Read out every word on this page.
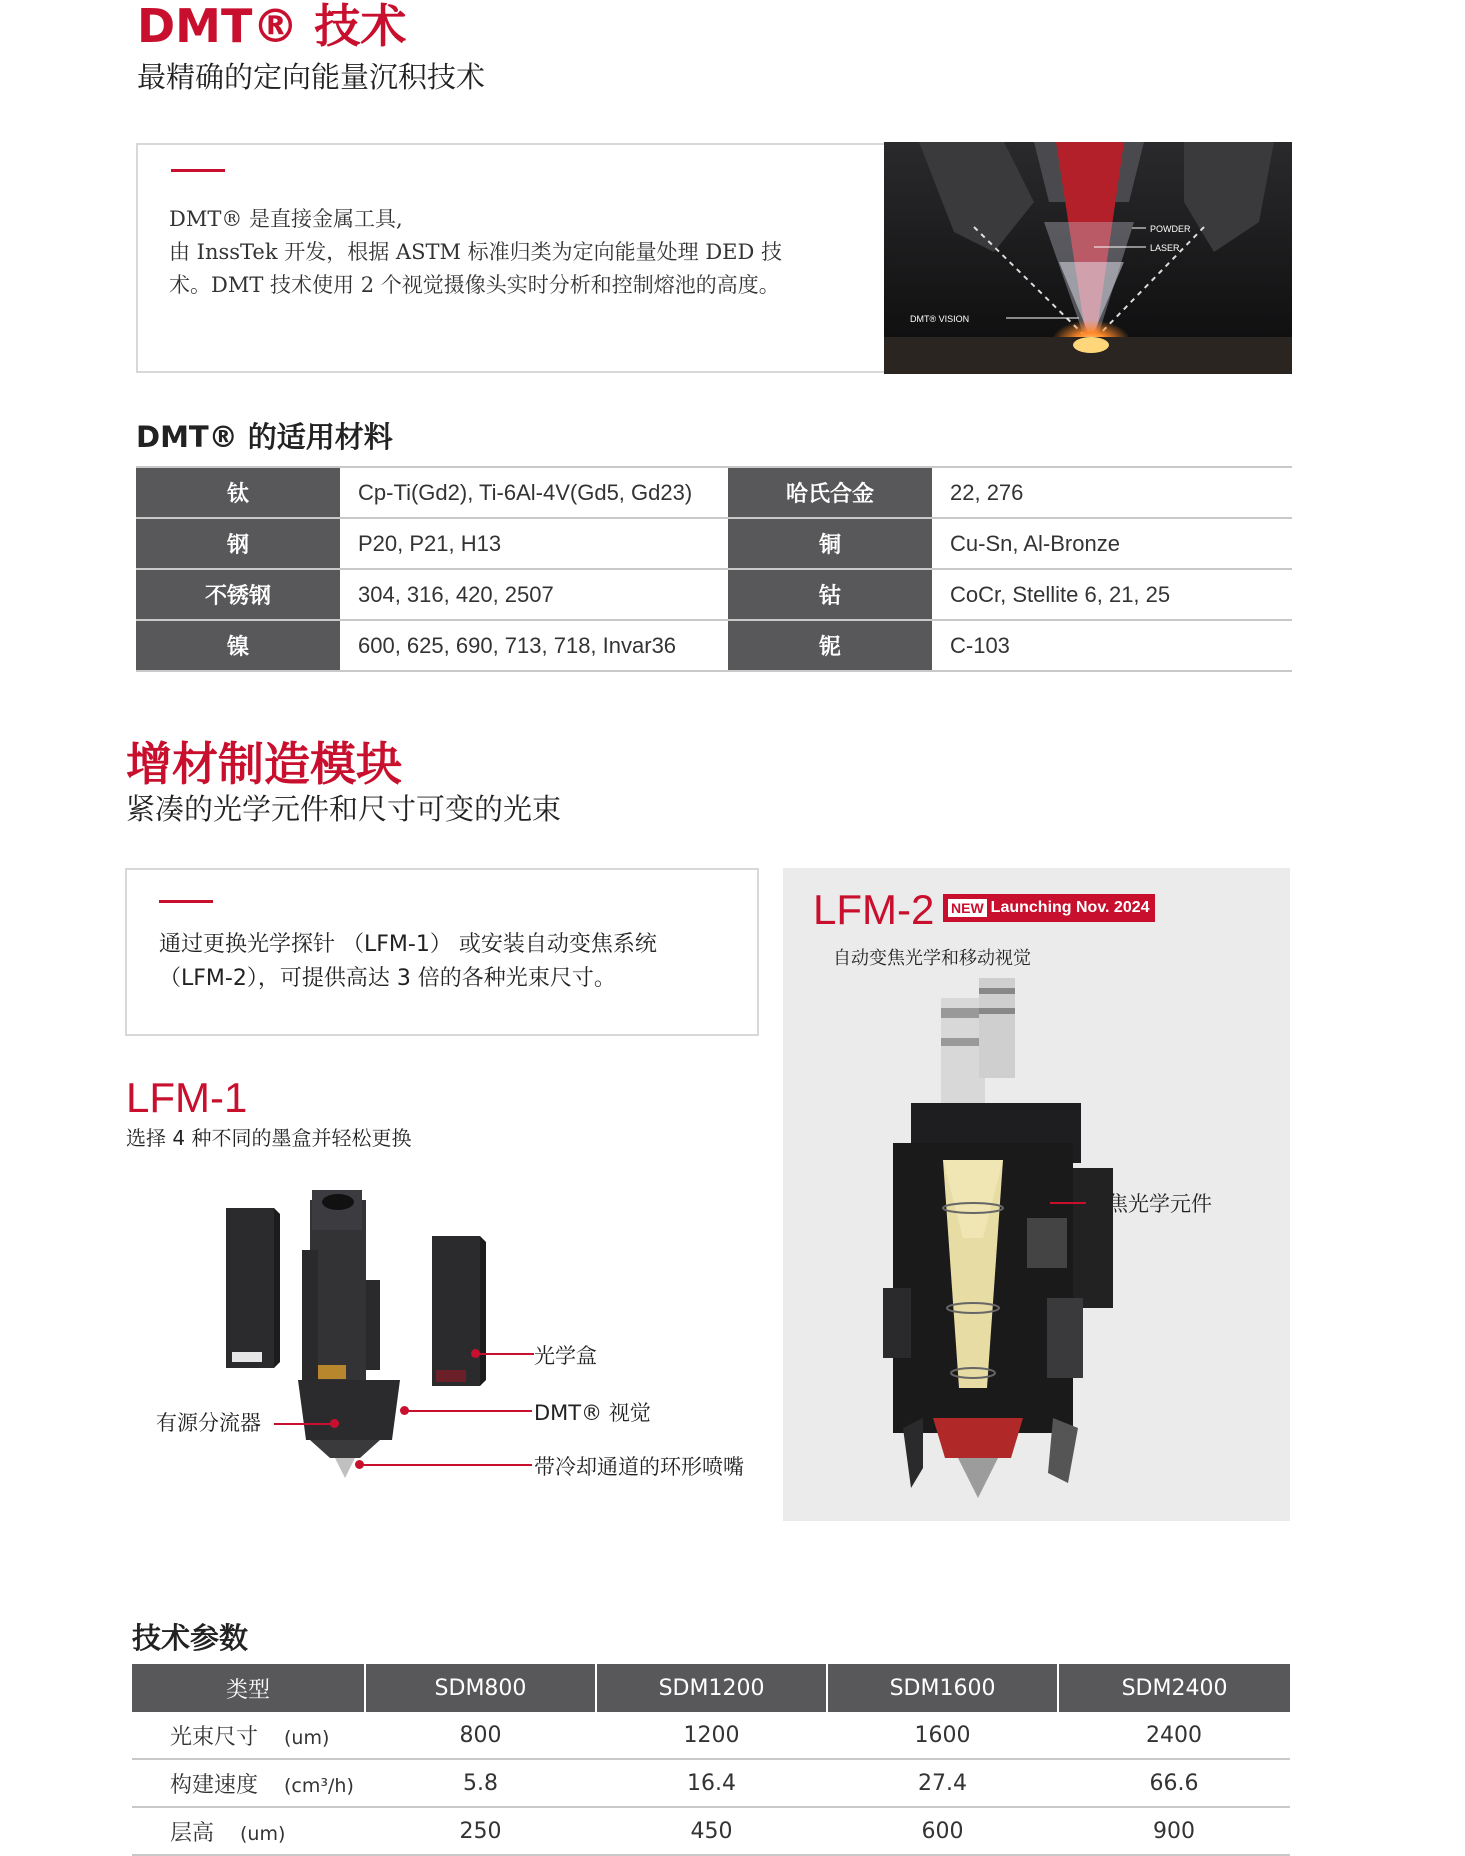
DMT® 技术
最精确的定向能量沉积技术
DMT® 是直接金属工具,
由 InssTek 开发，根据 ASTM 标准归类为定向能量处理 DED 技
术。DMT 技术使用 2 个视觉摄像头实时分析和控制熔池的高度。
POWDER
LASER
DMT® VISION
DMT® 的适用材料
钛	Cp-Ti(Gd2), Ti-6Al-4V(Gd5, Gd23)	哈氏合金	22, 276
钢	P20, P21, H13	铜	Cu-Sn, Al-Bronze
不锈钢	304, 316, 420, 2507	钴	CoCr, Stellite 6, 21, 25
镍	600, 625, 690, 713, 718, Invar36	铌	C-103
增材制造模块
紧凑的光学元件和尺寸可变的光束
通过更换光学探针 （LFM-1） 或安装自动变焦系统
（LFM-2），可提供高达 3 倍的各种光束尺寸。
LFM-1
选择 4 种不同的墨盒并轻松更换
光学盒
DMT® 视觉
带冷却通道的环形喷嘴
有源分流器
LFM-2 NEW Launching Nov. 2024
自动变焦光学和移动视觉
变焦光学元件
技术参数
类型	SDM800	SDM1200	SDM1600	SDM2400
光束尺寸 (um)	800	1200	1600	2400
构建速度 (cm³/h)	5.8	16.4	27.4	66.6
层高 (um)	250	450	600	900
